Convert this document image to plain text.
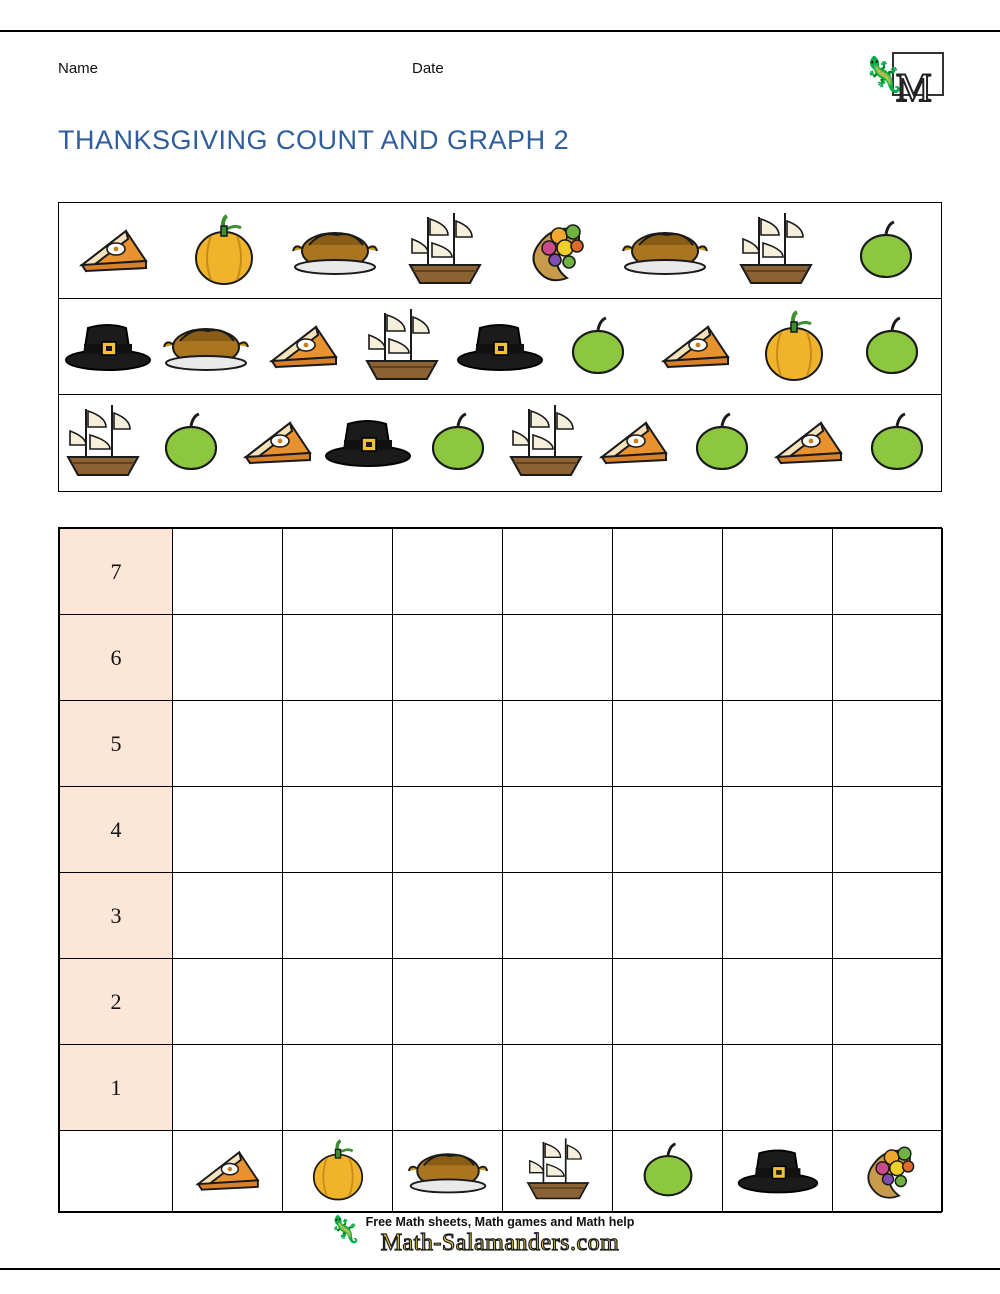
Name	Date
THANKSGIVING COUNT AND GRAPH 2
🦎
M
7							
6							
5							
4							
3							
2							
1							

Free Math sheets, Math games and Math help
🦎 Math-Salamanders.com
